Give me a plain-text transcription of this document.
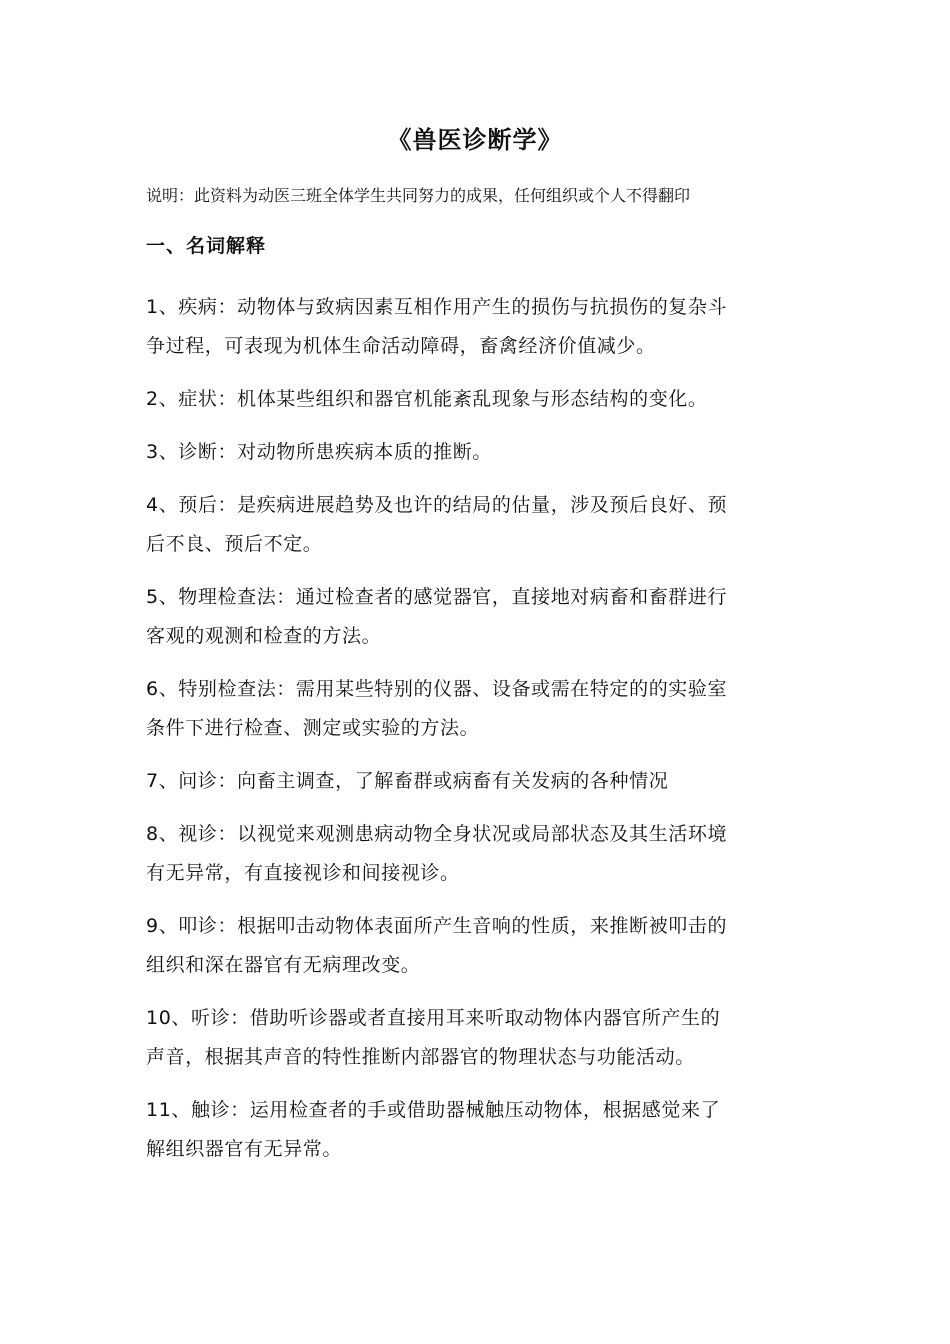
《兽医诊断学》

说明：此资料为动医三班全体学生共同努力的成果，任何组织或个人不得翻印

一、名词解释
1、疾病：动物体与致病因素互相作用产生的损伤与抗损伤的复杂斗
争过程，可表现为机体生命活动障碍，畜禽经济价值减少。
2、症状：机体某些组织和器官机能紊乱现象与形态结构的变化。
3、诊断：对动物所患疾病本质的推断。
4、预后：是疾病进展趋势及也许的结局的估量，涉及预后良好、预
后不良、预后不定。
5、物理检查法：通过检查者的感觉器官，直接地对病畜和畜群进行
客观的观测和检查的方法。
6、特别检查法：需用某些特别的仪器、设备或需在特定的的实验室
条件下进行检查、测定或实验的方法。
7、问诊：向畜主调查，了解畜群或病畜有关发病的各种情况
8、视诊：以视觉来观测患病动物全身状况或局部状态及其生活环境
有无异常，有直接视诊和间接视诊。
9、叩诊：根据叩击动物体表面所产生音响的性质，来推断被叩击的
组织和深在器官有无病理改变。
10、听诊：借助听诊器或者直接用耳来听取动物体内器官所产生的
声音，根据其声音的特性推断内部器官的物理状态与功能活动。
11、触诊：运用检查者的手或借助器械触压动物体，根据感觉来了
解组织器官有无异常。
